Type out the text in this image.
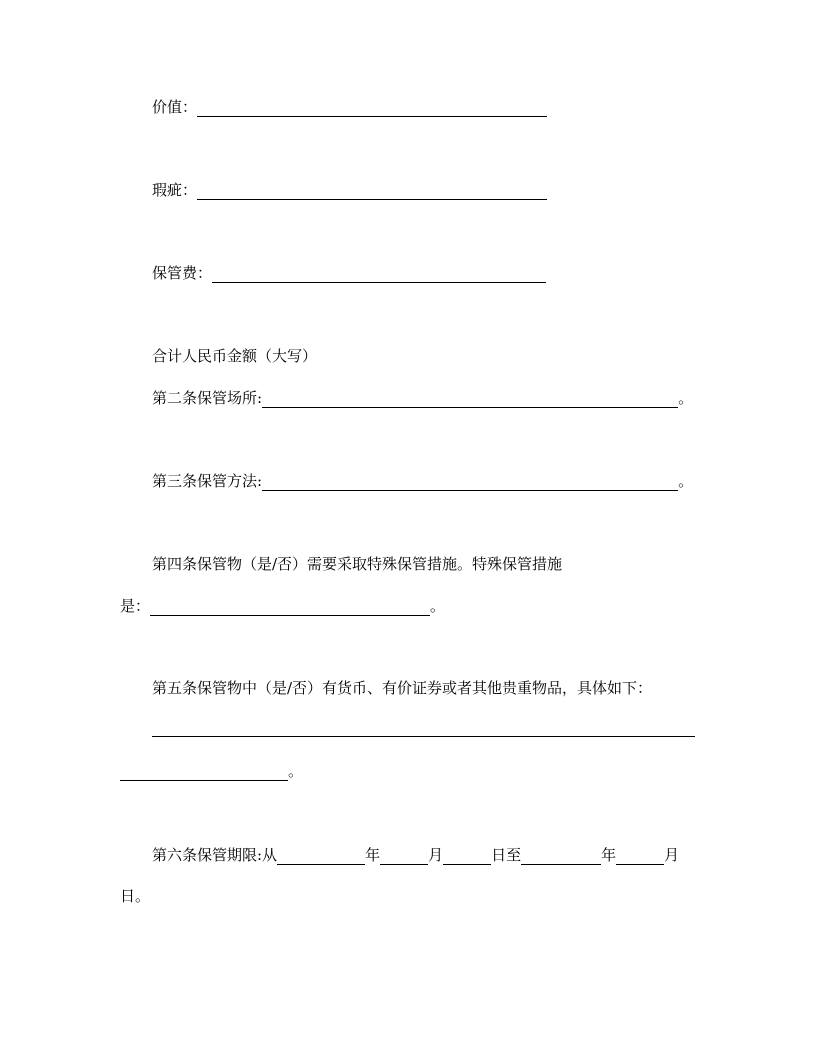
价值：
瑕疵：
保管费：
合计人民币金额（大写）
第二条保管场所:	。
第三条保管方法:	。
第四条保管物（是/否）需要采取特殊保管措施。特殊保管措施
是：	。
第五条保管物中（是/否）有货币、有价证券或者其他贵重物品，具体如下：
。
第六条保管期限:从	年	月	日至	年	月
日。
